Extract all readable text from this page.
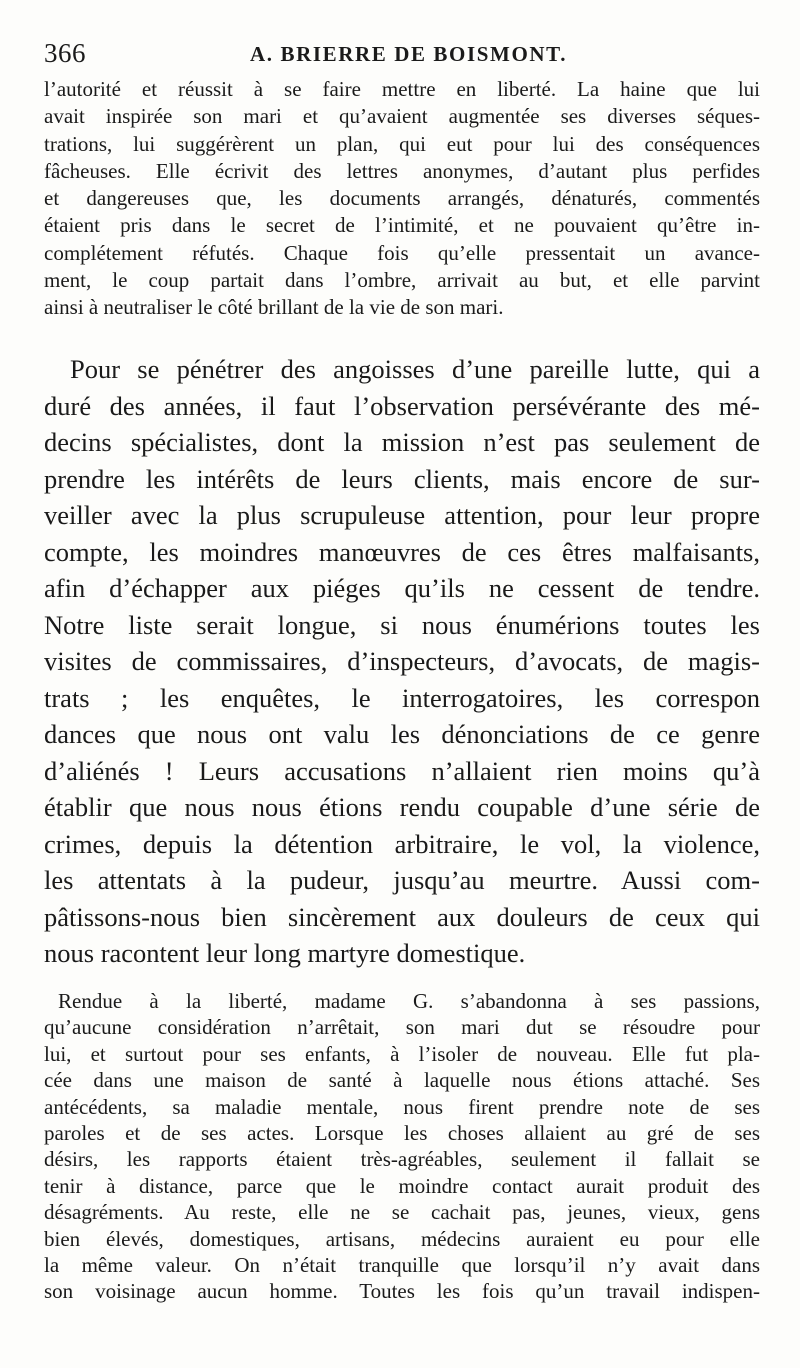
366	A. BRIERRE DE BOISMONT.

l’autorité et réussit à se faire mettre en liberté. La haine que lui
avait inspirée son mari et qu’avaient augmentée ses diverses séques-
trations, lui suggérèrent un plan, qui eut pour lui des conséquences
fâcheuses. Elle écrivit des lettres anonymes, d’autant plus perfides
et dangereuses que, les documents arrangés, dénaturés, commentés
étaient pris dans le secret de l’intimité, et ne pouvaient qu’être in-
complétement réfutés. Chaque fois qu’elle pressentait un avance-
ment, le coup partait dans l’ombre, arrivait au but, et elle parvint
ainsi à neutraliser le côté brillant de la vie de son mari.

Pour se pénétrer des angoisses d’une pareille lutte, qui a
duré des années, il faut l’observation persévérante des mé-
decins spécialistes, dont la mission n’est pas seulement de
prendre les intérêts de leurs clients, mais encore de sur-
veiller avec la plus scrupuleuse attention, pour leur propre
compte, les moindres manœuvres de ces êtres malfaisants,
afin d’échapper aux piéges qu’ils ne cessent de tendre.
Notre liste serait longue, si nous énumérions toutes les
visites de commissaires, d’inspecteurs, d’avocats, de magis-
trats ; les enquêtes, le interrogatoires, les correspon
dances que nous ont valu les dénonciations de ce genre
d’aliénés ! Leurs accusations n’allaient rien moins qu’à
établir que nous nous étions rendu coupable d’une série de
crimes, depuis la détention arbitraire, le vol, la violence,
les attentats à la pudeur, jusqu’au meurtre. Aussi com-
pâtissons-nous bien sincèrement aux douleurs de ceux qui
nous racontent leur long martyre domestique.

Rendue à la liberté, madame G. s’abandonna à ses passions,
qu’aucune considération n’arrêtait, son mari dut se résoudre pour
lui, et surtout pour ses enfants, à l’isoler de nouveau. Elle fut pla-
cée dans une maison de santé à laquelle nous étions attaché. Ses
antécédents, sa maladie mentale, nous firent prendre note de ses
paroles et de ses actes. Lorsque les choses allaient au gré de ses
désirs, les rapports étaient très-agréables, seulement il fallait se
tenir à distance, parce que le moindre contact aurait produit des
désagréments. Au reste, elle ne se cachait pas, jeunes, vieux, gens
bien élevés, domestiques, artisans, médecins auraient eu pour elle
la même valeur. On n’était tranquille que lorsqu’il n’y avait dans
son voisinage aucun homme. Toutes les fois qu’un travail indispen-
